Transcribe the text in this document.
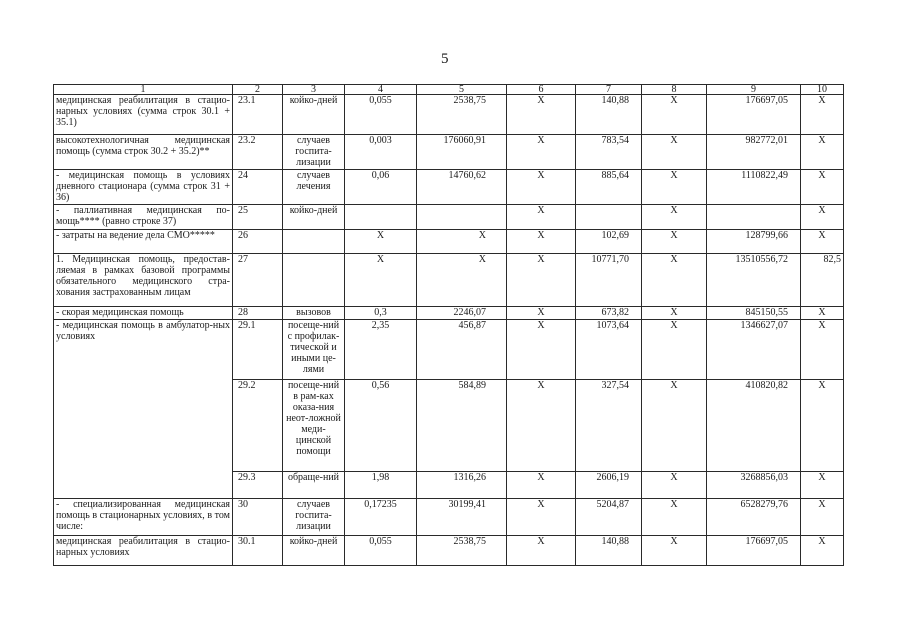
5
1	2	3	4	5	6	7	8	9	10
медицинская реабилитация в стацио-нарных условиях (сумма строк 30.1 + 35.1)	23.1	койко-дней	0,055	2538,75	X	140,88	X	176697,05	X
высокотехнологичная медицинская помощь (сумма строк 30.2 + 35.2)**	23.2	случаев госпита-лизации	0,003	176060,91	X	783,54	X	982772,01	X
- медицинская помощь в условиях дневного стационара (сумма строк 31 + 36)	24	случаев лечения	0,06	14760,62	X	885,64	X	1110822,49	X
- паллиативная медицинская по-мощь**** (равно строке 37)	25	койко-дней			X		X		X
- затраты на ведение дела СМО*****	26		X	X	X	102,69	X	128799,66	X
1. Медицинская помощь, предостав-ляемая в рамках базовой программы обязательного медицинского стра-хования застрахованным лицам	27		X	X	X	10771,70	X	13510556,72	82,5
- скорая медицинская помощь	28	вызовов	0,3	2246,07	X	673,82	X	845150,55	X
- медицинская помощь в амбулатор-ных условиях	29.1	посеще-ний с профилак-тической и иными це-лями	2,35	456,87	X	1073,64	X	1346627,07	X
	29.2	посеще-ний в рам-ках оказа-ния неот-ложной меди-цинской помощи	0,56	584,89	X	327,54	X	410820,82	X
	29.3	обраще-ний	1,98	1316,26	X	2606,19	X	3268856,03	X
- специализированная медицинская помощь в стационарных условиях, в том числе:	30	случаев госпита-лизации	0,17235	30199,41	X	5204,87	X	6528279,76	X
медицинская реабилитация в стацио-нарных условиях	30.1	койко-дней	0,055	2538,75	X	140,88	X	176697,05	X
